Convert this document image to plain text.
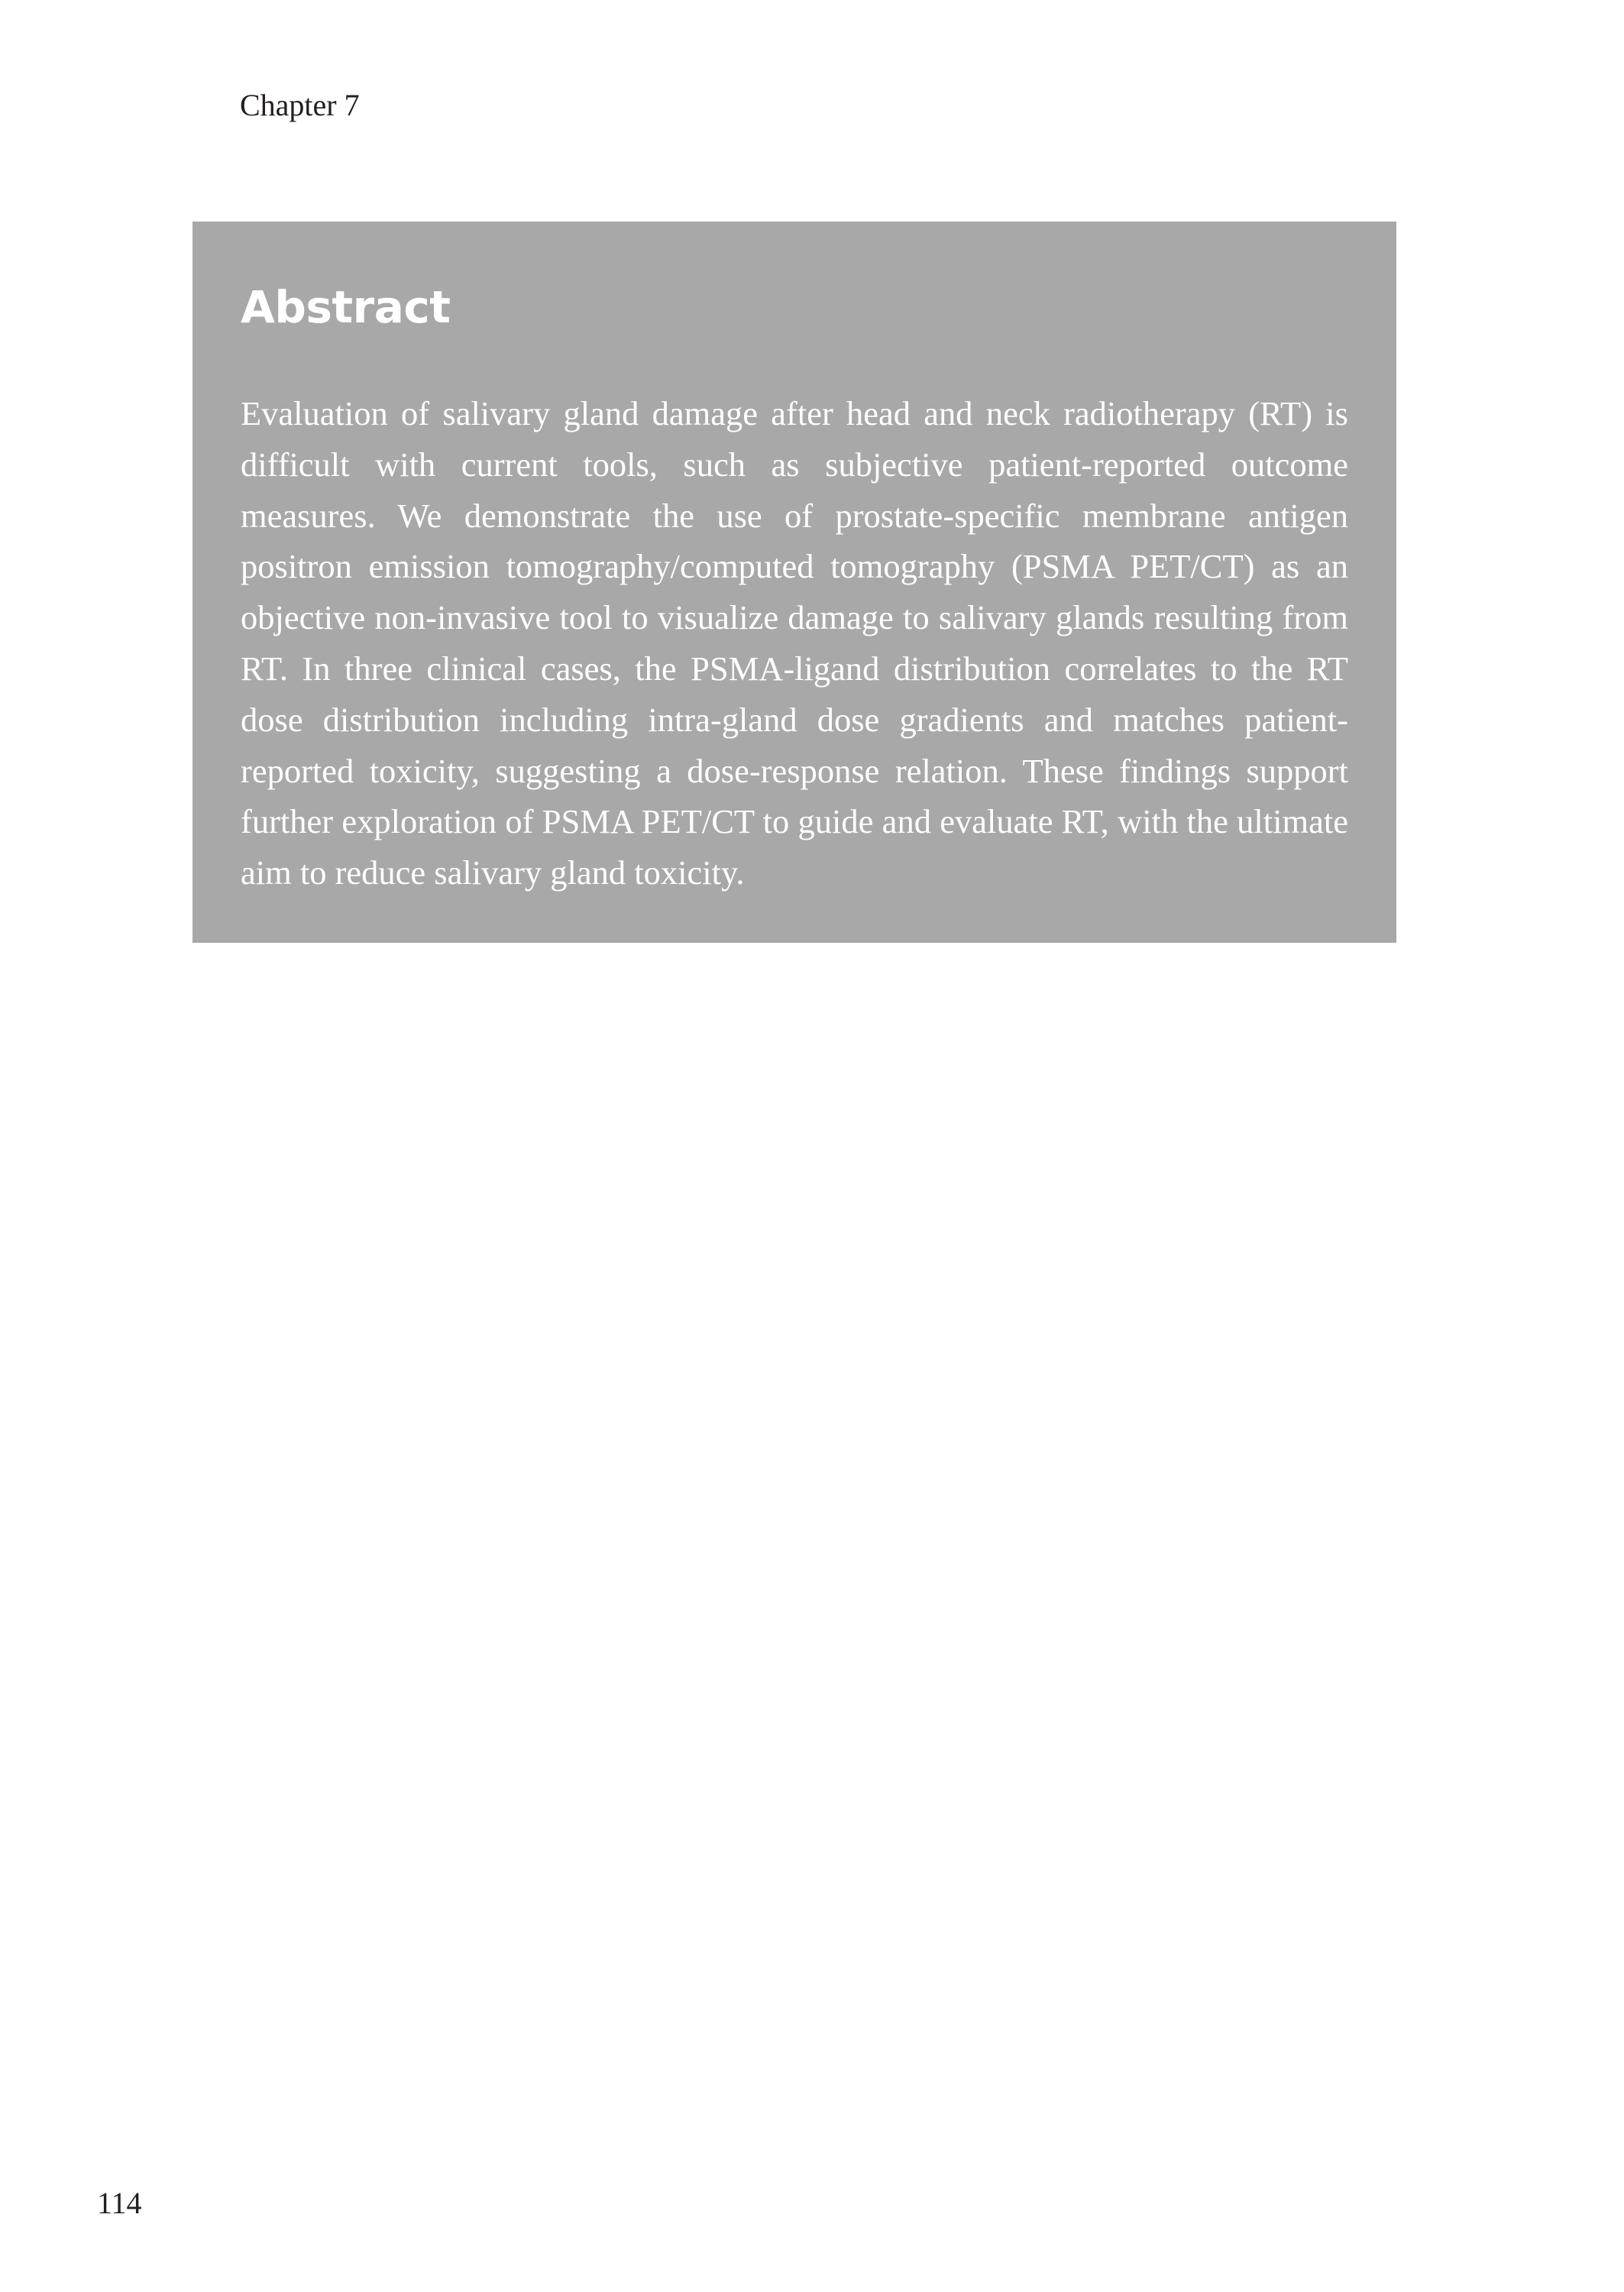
Chapter 7
Abstract

Evaluation of salivary gland damage after head and neck radiotherapy (RT) is difficult with current tools, such as subjective patient-reported outcome measures. We demonstrate the use of prostate-specific membrane antigen positron emission tomography/computed tomography (PSMA PET/CT) as an objective non-invasive tool to visualize damage to salivary glands resulting from RT. In three clinical cases, the PSMA-ligand distribution correlates to the RT dose distribution including intra-gland dose gradients and matches patient-reported toxicity, suggesting a dose-response relation. These findings support further exploration of PSMA PET/CT to guide and evaluate RT, with the ultimate aim to reduce salivary gland toxicity.

114
